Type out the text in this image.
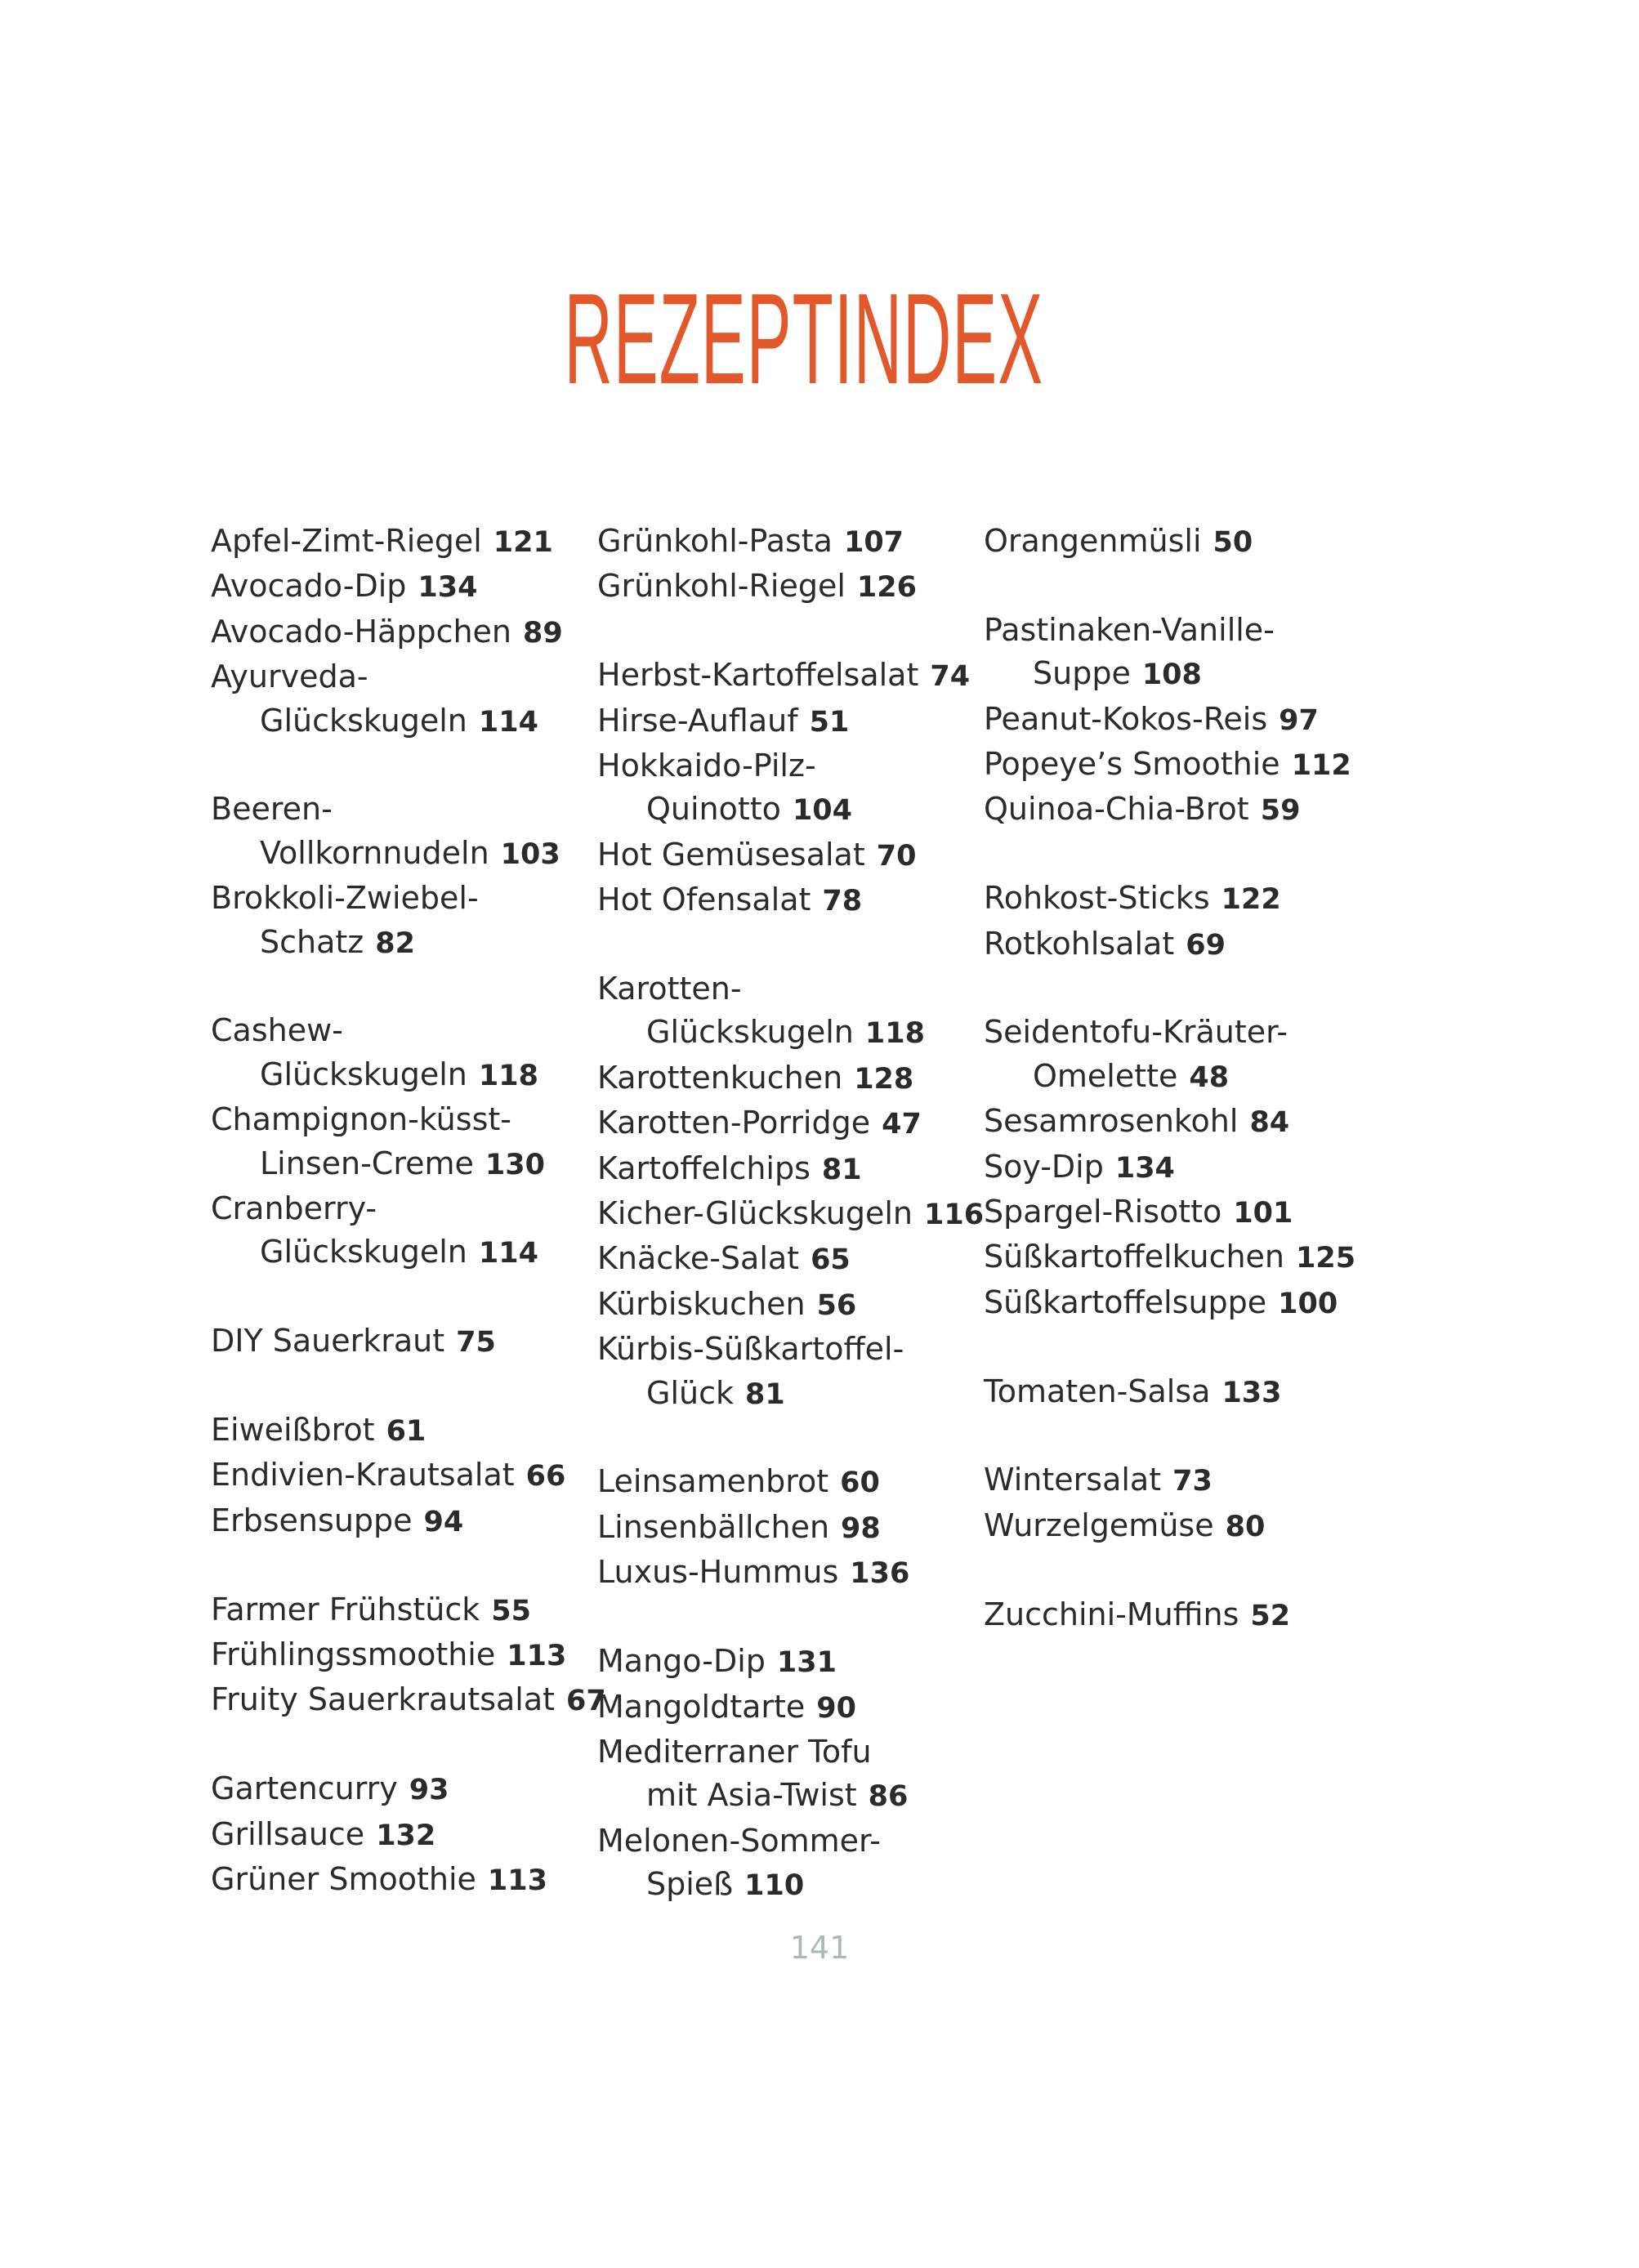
REZEPTINDEX
Apfel-Zimt-Riegel 121
Avocado-Dip 134
Avocado-Häppchen 89
Ayurveda-
Glückskugeln 114
Beeren-
Vollkornnudeln 103
Brokkoli-Zwiebel-
Schatz 82
Cashew-
Glückskugeln 118
Champignon-küsst-
Linsen-Creme 130
Cranberry-
Glückskugeln 114
DIY Sauerkraut 75
Eiweißbrot 61
Endivien-Krautsalat 66
Erbsensuppe 94
Farmer Frühstück 55
Frühlingssmoothie 113
Fruity Sauerkrautsalat 67
Gartencurry 93
Grillsauce 132
Grüner Smoothie 113
Grünkohl-Pasta 107
Grünkohl-Riegel 126
Herbst-Kartoffelsalat 74
Hirse-Auflauf 51
Hokkaido-Pilz-
Quinotto 104
Hot Gemüsesalat 70
Hot Ofensalat 78
Karotten-
Glückskugeln 118
Karottenkuchen 128
Karotten-Porridge 47
Kartoffelchips 81
Kicher-Glückskugeln 116
Knäcke-Salat 65
Kürbiskuchen 56
Kürbis-Süßkartoffel-
Glück 81
Leinsamenbrot 60
Linsenbällchen 98
Luxus-Hummus 136
Mango-Dip 131
Mangoldtarte 90
Mediterraner Tofu
mit Asia-Twist 86
Melonen-Sommer-
Spieß 110
Orangenmüsli 50
Pastinaken-Vanille-
Suppe 108
Peanut-Kokos-Reis 97
Popeye’s Smoothie 112
Quinoa-Chia-Brot 59
Rohkost-Sticks 122
Rotkohlsalat 69
Seidentofu-Kräuter-
Omelette 48
Sesamrosenkohl 84
Soy-Dip 134
Spargel-Risotto 101
Süßkartoffelkuchen 125
Süßkartoffelsuppe 100
Tomaten-Salsa 133
Wintersalat 73
Wurzelgemüse 80
Zucchini-Muffins 52
141
